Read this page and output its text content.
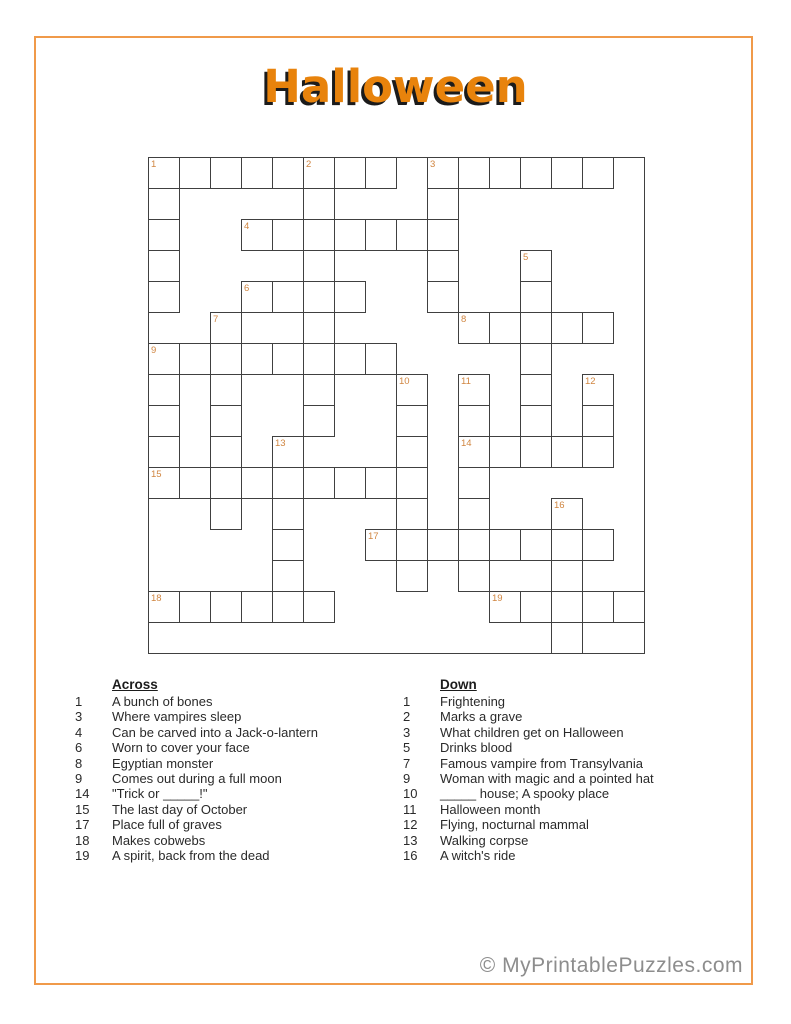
Halloween
1	2	3
4
5
6
7	8
9
10	11	12
13	14
15
16
17
18	19
Across
1	A bunch of bones
3	Where vampires sleep
4	Can be carved into a Jack-o-lantern
6	Worn to cover your face
8	Egyptian monster
9	Comes out during a full moon
14	"Trick or _____!"
15	The last day of October
17	Place full of graves
18	Makes cobwebs
19	A spirit, back from the dead
Down
1	Frightening
2	Marks a grave
3	What children get on Halloween
5	Drinks blood
7	Famous vampire from Transylvania
9	Woman with magic and a pointed hat
10	_____ house; A spooky place
11	Halloween month
12	Flying, nocturnal mammal
13	Walking corpse
16	A witch's ride
© MyPrintablePuzzles.com
